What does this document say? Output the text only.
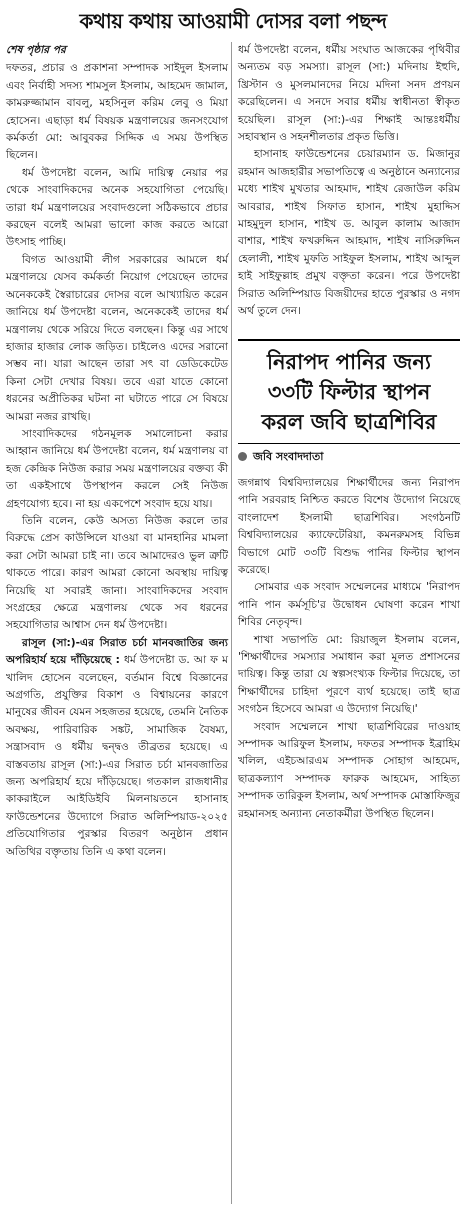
কথায় কথায় আওয়ামী দোসর বলা পছন্দ
শেষ পৃষ্ঠার পর

দফতর, প্রচার ও প্রকাশনা সম্পাদক সাইদুল ইসলাম এবং নির্বাহী সদস্য শামসুল ইসলাম, আহমেদ জামাল, কামরুজ্জামান বাবলু, মহসিনুল করিম লেবু ও মিয়া হোসেন। এছাড়া ধর্ম বিষয়ক মন্ত্রণালয়ের জনসংযোগ কর্মকর্তা মো: আবুবকর সিদ্দিক এ সময় উপস্থিত ছিলেন।

ধর্ম উপদেষ্টা বলেন, আমি দায়িত্ব নেয়ার পর থেকে সাংবাদিকদের অনেক সহযোগিতা পেয়েছি। তারা ধর্ম মন্ত্রণালয়ের সংবাদগুলো সঠিকভাবে প্রচার করছেন বলেই আমরা ভালো কাজ করতে আরো উৎসাহ পাচ্ছি।

বিগত আওয়ামী লীগ সরকারের আমলে ধর্ম মন্ত্রণালয়ে যেসব কর্মকর্তা নিয়োগ পেয়েছেন তাদের অনেককেই স্বৈরাচারের দোসর বলে আখ্যায়িত করেন জানিয়ে ধর্ম উপদেষ্টা বলেন, অনেককেই তাদের ধর্ম মন্ত্রণালয় থেকে সরিয়ে দিতে বলছেন। কিন্তু এর সাথে হাজার হাজার লোক জড়িত। চাইলেও এদের সরানো সম্ভব না। যারা আছেন তারা সৎ বা ডেডিকেটেড কিনা সেটা দেখার বিষয়। তবে এরা যাতে কোনো ধরনের অপ্রীতিকর ঘটনা না ঘটাতে পারে সে বিষয়ে আমরা নজর রাখছি।

সাংবাদিকদের গঠনমূলক সমালোচনা করার আহ্বান জানিয়ে ধর্ম উপদেষ্টা বলেন, ধর্ম মন্ত্রণালয় বা হজ কেন্দ্রিক নিউজ করার সময় মন্ত্রণালয়ের বক্তব্য কী তা একইসাথে উপস্থাপন করলে সেই নিউজ গ্রহণযোগ্য হবে। না হয় একপেশে সংবাদ হয়ে যায়।

তিনি বলেন, কেউ অসত্য নিউজ করলে তার বিরুদ্ধে প্রেস কাউন্সিলে যাওয়া বা মানহানির মামলা করা সেটা আমরা চাই না। তবে আমাদেরও ভুল ত্রুটি থাকতে পারে। কারণ আমরা কোনো অবস্থায় দায়িত্ব নিয়েছি যা সবারই জানা। সাংবাদিকদের সংবাদ সংগ্রহের ক্ষেত্রে মন্ত্রণালয় থেকে সব ধরনের সহযোগিতার আশ্বাস দেন ধর্ম উপদেষ্টা।

রাসূল (সা:)-এর সিরাত চর্চা মানবজাতির জন্য অপরিহার্য হয়ে দাঁড়িয়েছে : ধর্ম উপদেষ্টা ড. আ ফ ম খালিদ হোসেন বলেছেন, বর্তমান বিশ্বে বিজ্ঞানের অগ্রগতি, প্রযুক্তির বিকাশ ও বিশ্বায়নের কারণে মানুষের জীবন যেমন সহজতর হয়েছে, তেমনি নৈতিক অবক্ষয়, পারিবারিক সঙ্কট, সামাজিক বৈষম্য, সন্ত্রাসবাদ ও ধর্মীয় দ্বন্দ্বও তীব্রতর হয়েছে। এ বাস্তবতায় রাসূল (সা:)-এর সিরাত চর্চা মানবজাতির জন্য অপরিহার্য হয়ে দাঁড়িয়েছে। গতকাল রাজধানীর কাকরাইলে আইডিইবি মিলনায়তনে হাসানাহ ফাউন্ডেশনের উদ্যোগে সিরাত অলিম্পিয়াড-২০২৫ প্রতিযোগিতার পুরস্কার বিতরণ অনুষ্ঠান প্রধান অতিথির বক্তৃতায় তিনি এ কথা বলেন।

ধর্ম উপদেষ্টা বলেন, ধর্মীয় সংঘাত আজকের পৃথিবীর অন্যতম বড় সমস্যা। রাসূল (সা:) মদিনায় ইহুদি, খ্রিস্টান ও মুসলমানদের নিয়ে মদিনা সনদ প্রণয়ন করেছিলেন। এ সনদে সবার ধর্মীয় স্বাধীনতা স্বীকৃত হয়েছিল। রাসূল (সা:)-এর শিক্ষাই আন্তঃধর্মীয় সহাবস্থান ও সহনশীলতার প্রকৃত ভিত্তি।

হাসানাহ ফাউন্ডেশনের চেয়ারম্যান ড. মিজানুর রহমান আজহারীর সভাপতিত্বে এ অনুষ্ঠানে অন্যান্যের মধ্যে শাইখ মুখতার আহমাদ, শাইখ রেজাউল করিম আবরার, শাইখ সিফাত হাসান, শাইখ মুহাদ্দিস মাহমুদুল হাসান, শাইখ ড. আবুল কালাম আজাদ বাশার, শাইখ ফখরুদ্দিন আহমাদ, শাইখ নাসিরুদ্দিন হেলালী, শাইখ মুফতি সাইফুল ইসলাম, শাইখ আব্দুল হাই সাইফুল্লাহ প্রমুখ বক্তৃতা করেন। পরে উপদেষ্টা সিরাত অলিম্পিয়াড বিজয়ীদের হাতে পুরস্কার ও নগদ অর্থ তুলে দেন।

নিরাপদ পানির জন্য
৩৩টি ফিল্টার স্থাপন
করল জবি ছাত্রশিবির
জবি সংবাদদাতা

জগন্নাথ বিশ্ববিদ্যালয়ের শিক্ষার্থীদের জন্য নিরাপদ পানি সরবরাহ নিশ্চিত করতে বিশেষ উদ্যোগ নিয়েছে বাংলাদেশ ইসলামী ছাত্রশিবির। সংগঠনটি বিশ্ববিদ্যালয়ের ক্যাফেটেরিয়া, কমনরুমসহ বিভিন্ন বিভাগে মোট ৩৩টি বিশুদ্ধ পানির ফিল্টার স্থাপন করেছে।

সোমবার এক সংবাদ সম্মেলনের মাধ্যমে 'নিরাপদ পানি পান কর্মসূচি'র উদ্বোধন ঘোষণা করেন শাখা শিবির নেতৃবৃন্দ।

শাখা সভাপতি মো: রিয়াজুল ইসলাম বলেন, 'শিক্ষার্থীদের সমস্যার সমাধান করা মূলত প্রশাসনের দায়িত্ব। কিন্তু তারা যে স্বল্পসংখ্যক ফিল্টার দিয়েছে, তা শিক্ষার্থীদের চাহিদা পূরণে ব্যর্থ হয়েছে। তাই ছাত্র সংগঠন হিসেবে আমরা এ উদ্যোগ নিয়েছি।'

সংবাদ সম্মেলনে শাখা ছাত্রশিবিরের দাওয়াহ সম্পাদক আরিফুল ইসলাম, দফতর সম্পাদক ইব্রাহিম খলিল, এইচআরএম সম্পাদক সোহাগ আহমেদ, ছাত্রকল্যাণ সম্পাদক ফারুক আহমেদ, সাহিত্য সম্পাদক তারিকুল ইসলাম, অর্থ সম্পাদক মোস্তাফিজুর রহমানসহ অন্যান্য নেতাকর্মীরা উপস্থিত ছিলেন।
